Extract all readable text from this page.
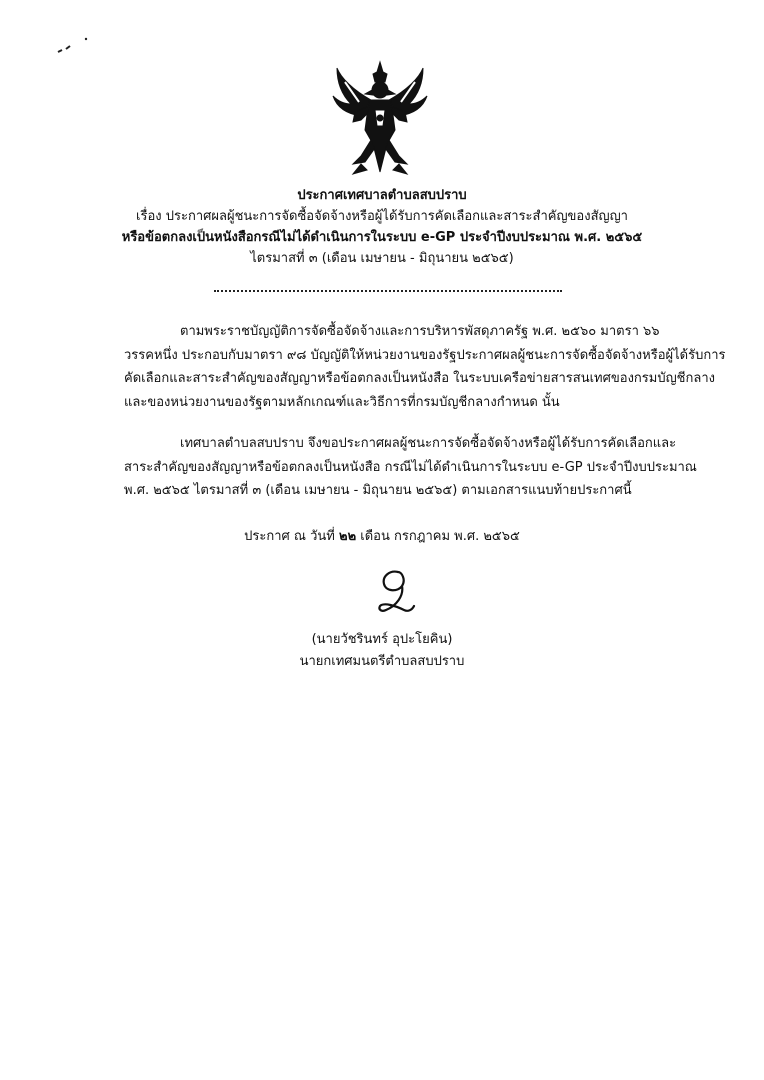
ประกาศเทศบาลตำบลสบปราบ
เรื่อง ประกาศผลผู้ชนะการจัดซื้อจัดจ้างหรือผู้ได้รับการคัดเลือกและสาระสำคัญของสัญญา
หรือข้อตกลงเป็นหนังสือกรณีไม่ได้ดำเนินการในระบบ e-GP ประจำปีงบประมาณ พ.ศ. ๒๕๖๕
ไตรมาสที่ ๓ (เดือน เมษายน - มิถุนายน ๒๕๖๕)
ตามพระราชบัญญัติการจัดซื้อจัดจ้างและการบริหารพัสดุภาครัฐ พ.ศ. ๒๕๖๐ มาตรา ๖๖
วรรคหนึ่ง ประกอบกับมาตรา ๙๘ บัญญัติให้หน่วยงานของรัฐประกาศผลผู้ชนะการจัดซื้อจัดจ้างหรือผู้ได้รับการ
คัดเลือกและสาระสำคัญของสัญญาหรือข้อตกลงเป็นหนังสือ ในระบบเครือข่ายสารสนเทศของกรมบัญชีกลาง
และของหน่วยงานของรัฐตามหลักเกณฑ์และวิธีการที่กรมบัญชีกลางกำหนด นั้น
เทศบาลตำบลสบปราบ จึงขอประกาศผลผู้ชนะการจัดซื้อจัดจ้างหรือผู้ได้รับการคัดเลือกและ
สาระสำคัญของสัญญาหรือข้อตกลงเป็นหนังสือ กรณีไม่ได้ดำเนินการในระบบ e-GP ประจำปีงบประมาณ
พ.ศ. ๒๕๖๕ ไตรมาสที่ ๓ (เดือน เมษายน - มิถุนายน ๒๕๖๕) ตามเอกสารแนบท้ายประกาศนี้
ประกาศ ณ วันที่ ๒๒ เดือน กรกฎาคม พ.ศ. ๒๕๖๕
(นายวัชรินทร์ อุปะโยคิน)
นายกเทศมนตรีตำบลสบปราบ
